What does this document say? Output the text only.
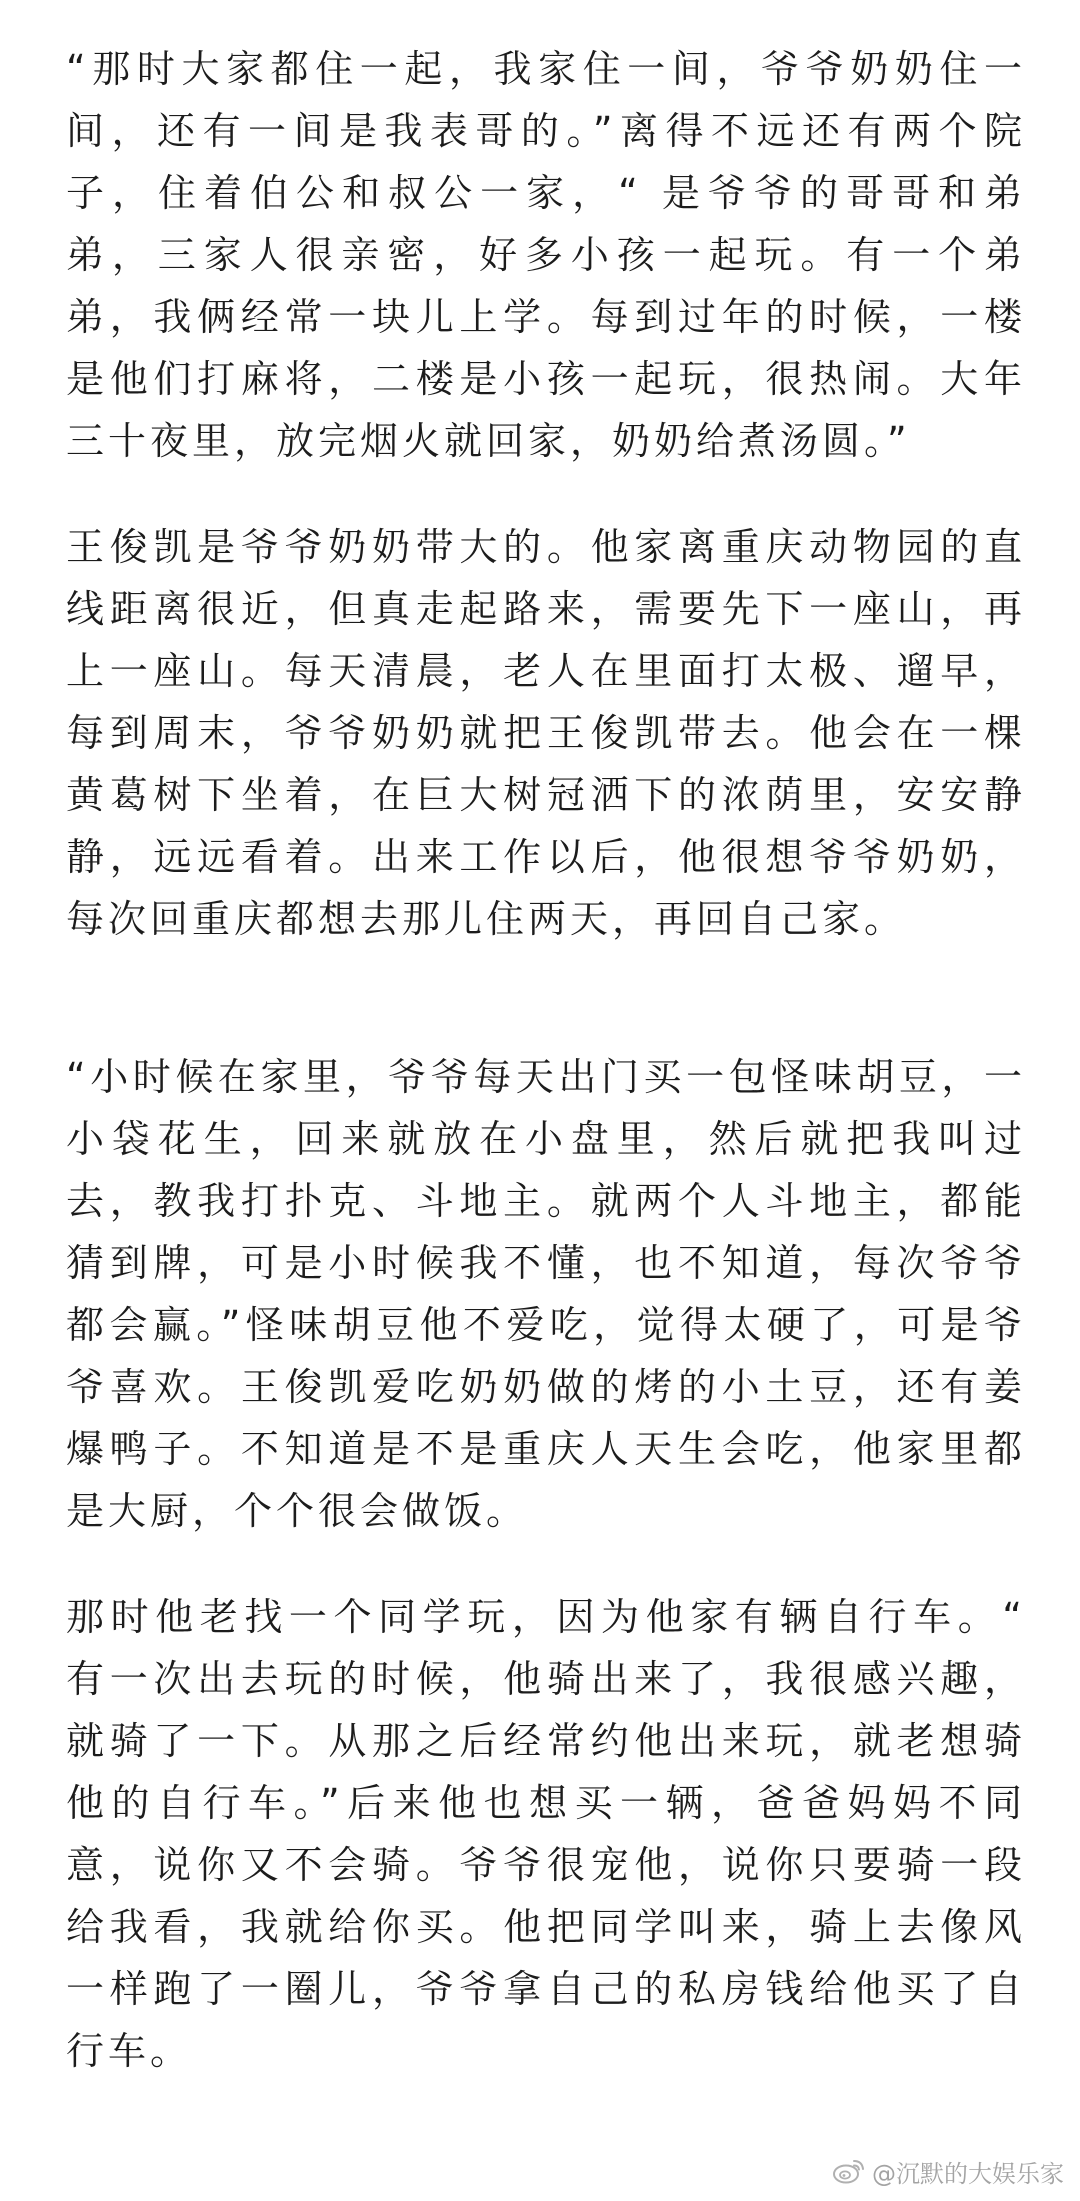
“那时大家都住一起，我家住一间，爷爷奶奶住一间，还有一间是我表哥的。”离得不远还有两个院子，住着伯公和叔公一家，“ 是爷爷的哥哥和弟弟，三家人很亲密，好多小孩一起玩。有一个弟弟，我俩经常一块儿上学。每到过年的时候，一楼是他们打麻将，二楼是小孩一起玩，很热闹。大年三十夜里，放完烟火就回家，奶奶给煮汤圆。”

王俊凯是爷爷奶奶带大的。他家离重庆动物园的直线距离很近，但真走起路来，需要先下一座山，再上一座山。每天清晨，老人在里面打太极、遛早，每到周末，爷爷奶奶就把王俊凯带去。他会在一棵黄葛树下坐着，在巨大树冠洒下的浓荫里，安安静静，远远看着。出来工作以后，他很想爷爷奶奶，每次回重庆都想去那儿住两天，再回自己家。

“小时候在家里，爷爷每天出门买一包怪味胡豆，一小袋花生，回来就放在小盘里，然后就把我叫过去，教我打扑克、斗地主。就两个人斗地主，都能猜到牌，可是小时候我不懂，也不知道，每次爷爷都会赢。”怪味胡豆他不爱吃，觉得太硬了，可是爷爷喜欢。王俊凯爱吃奶奶做的烤的小土豆，还有姜爆鸭子。不知道是不是重庆人天生会吃，他家里都是大厨，个个很会做饭。

那时他老找一个同学玩，因为他家有辆自行车。“ 有一次出去玩的时候，他骑出来了，我很感兴趣，就骑了一下。从那之后经常约他出来玩，就老想骑他的自行车。”后来他也想买一辆，爸爸妈妈不同意，说你又不会骑。爷爷很宠他，说你只要骑一段给我看，我就给你买。他把同学叫来，骑上去像风一样跑了一圈儿，爷爷拿自己的私房钱给他买了自行车。

@沉默的大娱乐家
